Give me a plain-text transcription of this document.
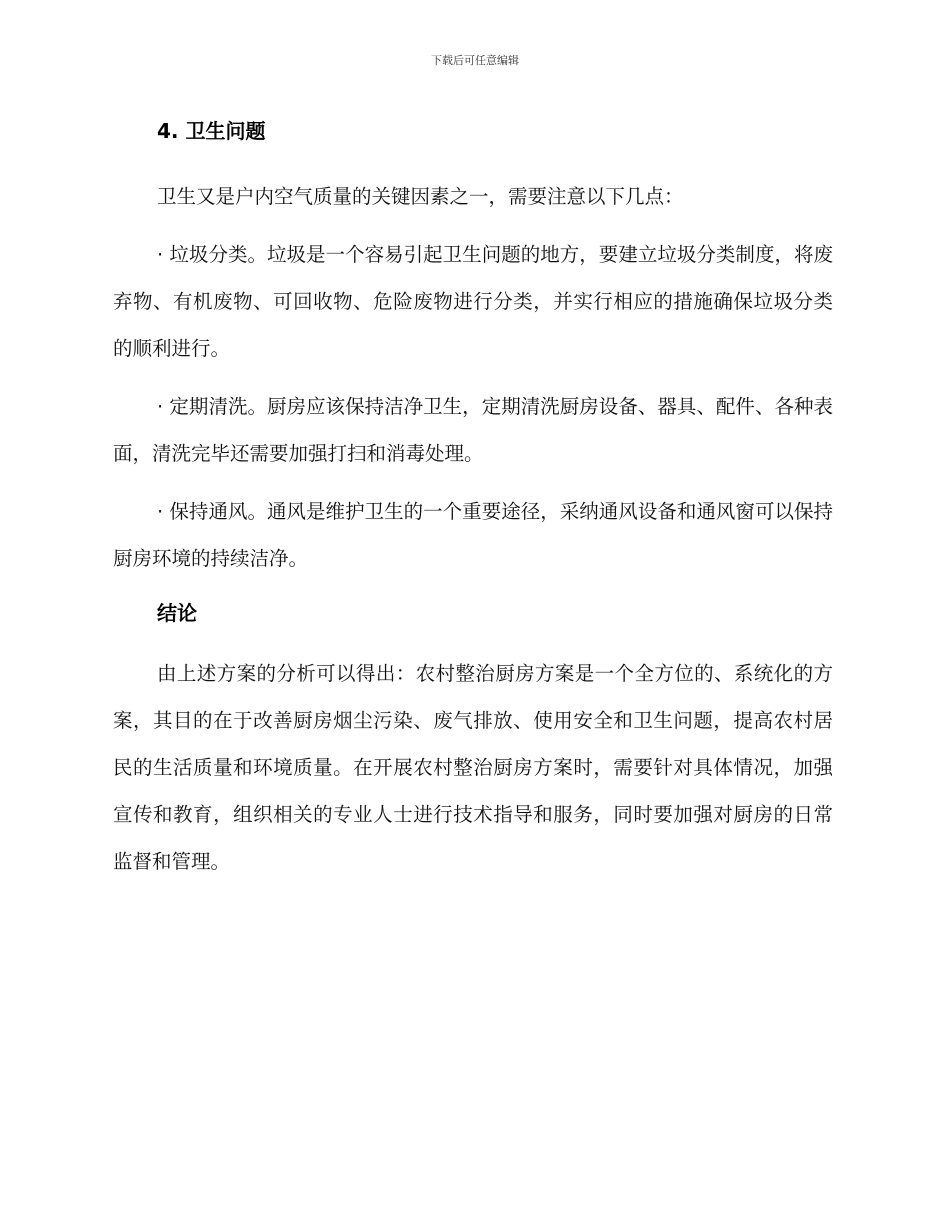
下载后可任意编辑
4. 卫生问题

卫生又是户内空气质量的关键因素之一，需要注意以下几点：

· 垃圾分类。垃圾是一个容易引起卫生问题的地方，要建立垃圾分类制度，将废弃物、有机废物、可回收物、危险废物进行分类，并实行相应的措施确保垃圾分类的顺利进行。

· 定期清洗。厨房应该保持洁净卫生，定期清洗厨房设备、器具、配件、各种表面，清洗完毕还需要加强打扫和消毒处理。

· 保持通风。通风是维护卫生的一个重要途径，采纳通风设备和通风窗可以保持厨房环境的持续洁净。

结论

由上述方案的分析可以得出：农村整治厨房方案是一个全方位的、系统化的方案，其目的在于改善厨房烟尘污染、废气排放、使用安全和卫生问题，提高农村居民的生活质量和环境质量。在开展农村整治厨房方案时，需要针对具体情况，加强宣传和教育，组织相关的专业人士进行技术指导和服务，同时要加强对厨房的日常监督和管理。
